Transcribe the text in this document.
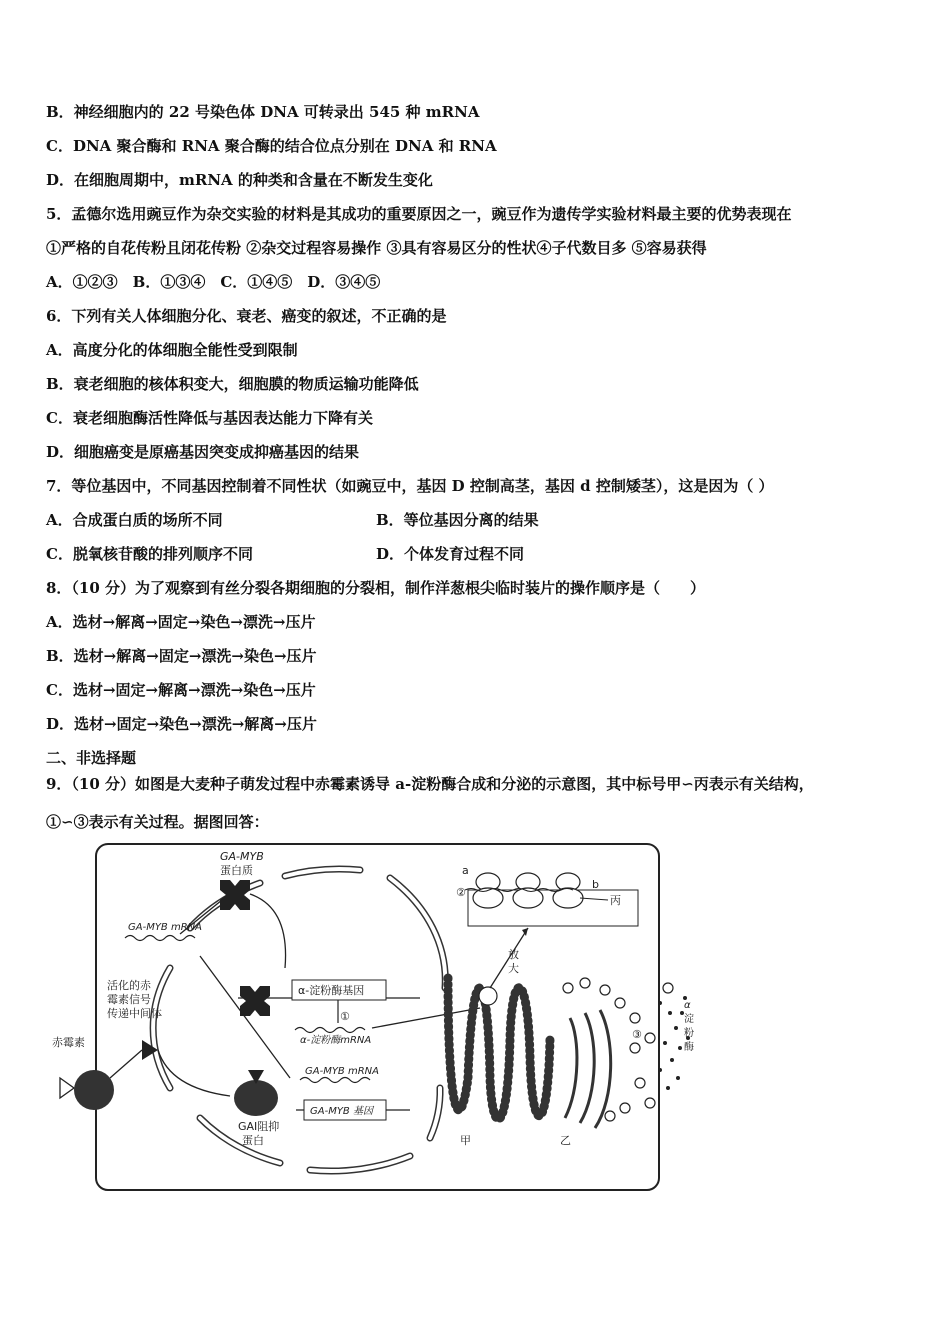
B．神经细胞内的 22 号染色体 DNA 可转录出 545 种 mRNA
C．DNA 聚合酶和 RNA 聚合酶的结合位点分别在 DNA 和 RNA
D．在细胞周期中，mRNA 的种类和含量在不断发生变化
5．孟德尔选用豌豆作为杂交实验的材料是其成功的重要原因之一，豌豆作为遗传学实验材料最主要的优势表现在
①严格的自花传粉且闭花传粉 ②杂交过程容易操作 ③具有容易区分的性状④子代数目多 ⑤容易获得
A．①②③　B．①③④　C．①④⑤　D．③④⑤
6．下列有关人体细胞分化、衰老、癌变的叙述，不正确的是
A．高度分化的体细胞全能性受到限制
B．衰老细胞的核体积变大，细胞膜的物质运输功能降低
C．衰老细胞酶活性降低与基因表达能力下降有关
D．细胞癌变是原癌基因突变成抑癌基因的结果
7．等位基因中，不同基因控制着不同性状（如豌豆中，基因 D 控制高茎，基因 d 控制矮茎），这是因为（ ）
A．合成蛋白质的场所不同	B．等位基因分离的结果
C．脱氧核苷酸的排列顺序不同	D．个体发育过程不同
8．（10 分）为了观察到有丝分裂各期细胞的分裂相，制作洋葱根尖临时装片的操作顺序是（　　）
A．选材→解离→固定→染色→漂洗→压片
B．选材→解离→固定→漂洗→染色→压片
C．选材→固定→解离→漂洗→染色→压片
D．选材→固定→染色→漂洗→解离→压片
二、非选择题
9．（10 分）如图是大麦种子萌发过程中赤霉素诱导 a-淀粉酶合成和分泌的示意图，其中标号甲∽丙表示有关结构，
①∽③表示有关过程。据图回答：
GA-MYB
蛋白质
GA-MYB mRNA
活化的赤
霉素信号
传递中间体
赤霉素
GAI阻抑
蛋白
α-淀粉酶基因
①
α-淀粉酶mRNA
GA-MYB mRNA
GA-MYB 基因
甲	乙
③
α
淀
粉
酶
放
大
a
b
②
丙
